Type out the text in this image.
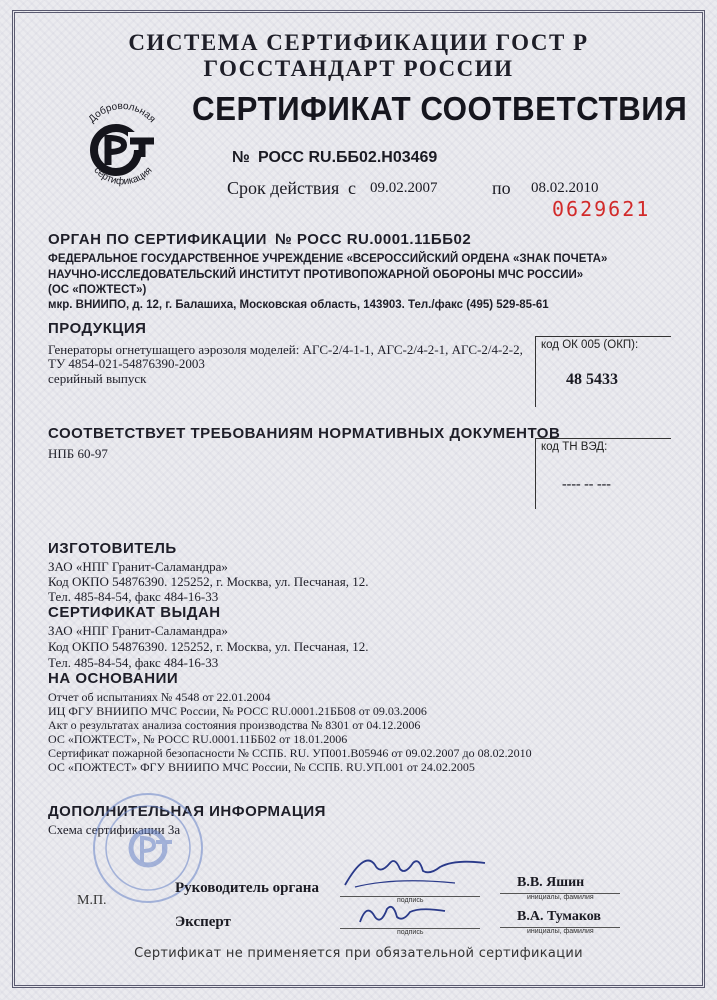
СИСТЕМА СЕРТИФИКАЦИИ ГОСТ Р
ГОССТАНДАРТ РОССИИ
Добровольная
сертификация
СЕРТИФИКАТ СООТВЕТСТВИЯ
№ РОСС RU.ББ02.Н03469
Срок действия с 09.02.2007	по 08.02.2010
0629621
ОРГАН ПО СЕРТИФИКАЦИИ № РОСС RU.0001.11ББ02
ФЕДЕРАЛЬНОЕ ГОСУДАРСТВЕННОЕ УЧРЕЖДЕНИЕ «ВСЕРОССИЙСКИЙ ОРДЕНА «ЗНАК ПОЧЕТА»
НАУЧНО-ИССЛЕДОВАТЕЛЬСКИЙ ИНСТИТУТ ПРОТИВОПОЖАРНОЙ ОБОРОНЫ МЧС РОССИИ»
(ОС «ПОЖТЕСТ»)
мкр. ВНИИПО, д. 12, г. Балашиха, Московская область, 143903. Тел./факс (495) 529-85-61
ПРОДУКЦИЯ
Генераторы огнетушащего аэрозоля моделей: АГС-2/4-1-1, АГС-2/4-2-1, АГС-2/4-2-2,
ТУ 4854-021-54876390-2003
серийный выпуск
код ОК 005 (ОКП):
48 5433
СООТВЕТСТВУЕТ ТРЕБОВАНИЯМ НОРМАТИВНЫХ ДОКУМЕНТОВ
НПБ 60-97	код ТН ВЭД:
---- -- ---
ИЗГОТОВИТЕЛЬ
ЗАО «НПГ Гранит-Саламандра»
Код ОКПО 54876390. 125252, г. Москва, ул. Песчаная, 12.
Тел. 485-84-54, факс 484-16-33
СЕРТИФИКАТ ВЫДАН
ЗАО «НПГ Гранит-Саламандра»
Код ОКПО 54876390. 125252, г. Москва, ул. Песчаная, 12.
Тел. 485-84-54, факс 484-16-33
НА ОСНОВАНИИ
Отчет об испытаниях № 4548 от 22.01.2004
ИЦ ФГУ ВНИИПО МЧС России, № РОСС RU.0001.21ББ08 от 09.03.2006
Акт о результатах анализа состояния производства № 8301 от 04.12.2006
ОС «ПОЖТЕСТ», № РОСС RU.0001.11ББ02 от 18.01.2006
Сертификат пожарной безопасности № ССПБ. RU. УП001.В05946 от 09.02.2007 до 08.02.2010
ОС «ПОЖТЕСТ» ФГУ ВНИИПО МЧС России, № ССПБ. RU.УП.001 от 24.02.2005
ДОПОЛНИТЕЛЬНАЯ ИНФОРМАЦИЯ
Схема сертификации 3а
М.П.
Руководитель органа
подпись
В.В. Яшин
инициалы, фамилия
Эксперт
подпись
В.А. Тумаков
инициалы, фамилия
Сертификат не применяется при обязательной сертификации
